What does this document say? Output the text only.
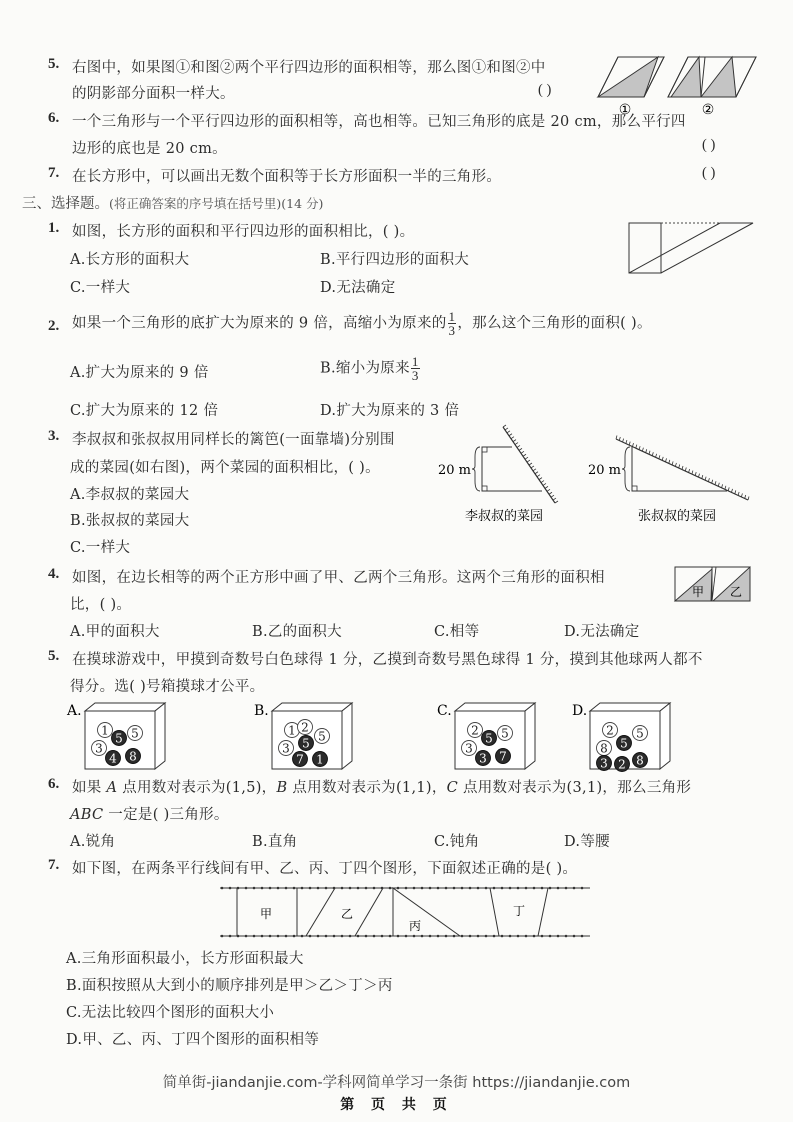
5. 右图中，如果图①和图②两个平行四边形的面积相等，那么图①和图②中
的阴影部分面积一样大。	( )
①	②
6. 一个三角形与一个平行四边形的面积相等，高也相等。已知三角形的底是 20 cm，那么平行四
边形的底也是 20 cm。	( )
7. 在长方形中，可以画出无数个面积等于长方形面积一半的三角形。	( )
三、选择题。(将正确答案的序号填在括号里)(14 分)
1. 如图，长方形的面积和平行四边形的面积相比，( )。
A.长方形的面积大	B.平行四边形的面积大
C.一样大	D.无法确定
2. 如果一个三角形的底扩大为原来的 9 倍，高缩小为原来的 $\frac{1}{3}$ ，那么这个三角形的面积( )。
A.扩大为原来的 9 倍	B.缩小为原来 $\frac{1}{3}$
C.扩大为原来的 12 倍	D.扩大为原来的 3 倍
3. 李叔叔和张叔叔用同样长的篱笆(一面靠墙)分别围
成的菜园(如右图)，两个菜园的面积相比，( )。
A.李叔叔的菜园大
B.张叔叔的菜园大
C.一样大
20 m
李叔叔的菜园
20 m
张叔叔的菜园
4. 如图，在边长相等的两个正方形中画了甲、乙两个三角形。这两个三角形的面积相
比，( )。
A.甲的面积大	B.乙的面积大	C.相等	D.无法确定
甲 乙
5. 在摸球游戏中，甲摸到奇数号白色球得 1 分，乙摸到奇数号黑色球得 1 分，摸到其他球两人都不
得分。选( )号箱摸球才公平。
A.
1
3
5
5
4 8
B.
1 2
3
5
5
7 1
C.
2
3
5
5
3 7
D.
2
8
5
5
3 2 8
6. 如果 A 点用数对表示为(1,5)，B 点用数对表示为(1,1)，C 点用数对表示为(3,1)，那么三角形
ABC 一定是( )三角形。
A.锐角	B.直角	C.钝角	D.等腰
7. 如下图，在两条平行线间有甲、乙、丙、丁四个图形，下面叙述正确的是( )。
甲	乙
丙
丁
A.三角形面积最小，长方形面积最大
B.面积按照从大到小的顺序排列是甲＞乙＞丁＞丙
C.无法比较四个图形的面积大小
D.甲、乙、丙、丁四个图形的面积相等
简单街-jiandanjie.com-学科网简单学习一条街 https://jiandanjie.com
第 页 共 页
